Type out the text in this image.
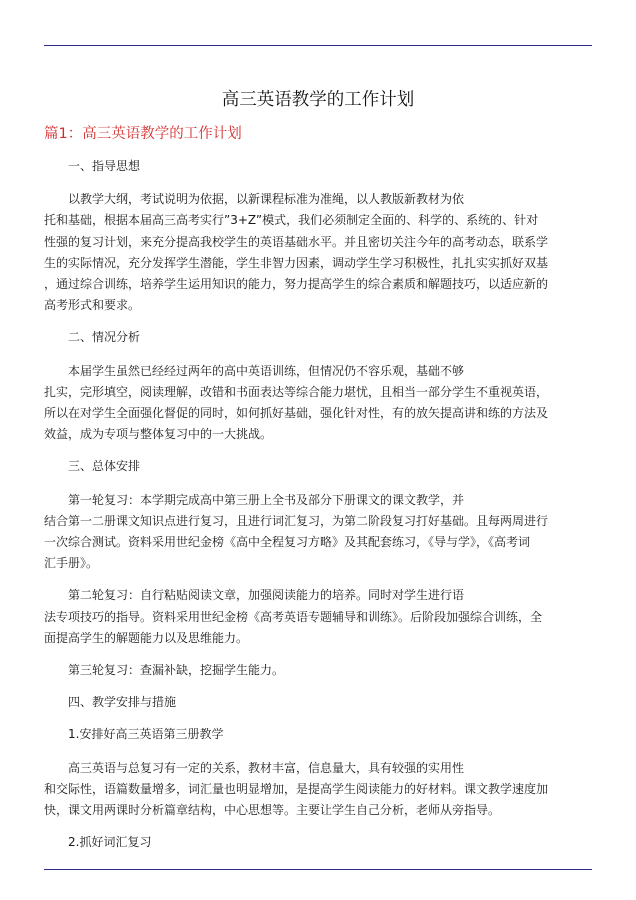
高三英语教学的工作计划
篇1：高三英语教学的工作计划

一、指导思想

以教学大纲，考试说明为依据，以新课程标准为准绳，以人教版新教材为依
托和基础，根据本届高三高考实行”3+Z”模式，我们必须制定全面的、科学的、系统的、针对
性强的复习计划，来充分提高我校学生的英语基础水平。并且密切关注今年的高考动态，联系学
生的实际情况，充分发挥学生潜能，学生非智力因素，调动学生学习积极性，扎扎实实抓好双基
，通过综合训练，培养学生运用知识的能力，努力提高学生的综合素质和解题技巧，以适应新的
高考形式和要求。

二、情况分析

本届学生虽然已经经过两年的高中英语训练，但情况仍不容乐观，基础不够
扎实，完形填空，阅读理解，改错和书面表达等综合能力堪忧，且相当一部分学生不重视英语，
所以在对学生全面强化督促的同时，如何抓好基础，强化针对性，有的放矢提高讲和练的方法及
效益，成为专项与整体复习中的一大挑战。

三、总体安排

第一轮复习：本学期完成高中第三册上全书及部分下册课文的课文教学，并
结合第一二册课文知识点进行复习，且进行词汇复习，为第二阶段复习打好基础。且每两周进行
一次综合测试。资料采用世纪金榜《高中全程复习方略》及其配套练习，《导与学》，《高考词
汇手册》。

第二轮复习：自行粘贴阅读文章，加强阅读能力的培养。同时对学生进行语
法专项技巧的指导。资料采用世纪金榜《高考英语专题辅导和训练》。后阶段加强综合训练，全
面提高学生的解题能力以及思维能力。

第三轮复习：查漏补缺，挖掘学生能力。

四、教学安排与措施

1.安排好高三英语第三册教学

高三英语与总复习有一定的关系，教材丰富，信息量大，具有较强的实用性
和交际性，语篇数量增多，词汇量也明显增加，是提高学生阅读能力的好材料。课文教学速度加
快，课文用两课时分析篇章结构，中心思想等。主要让学生自己分析，老师从旁指导。

2.抓好词汇复习
